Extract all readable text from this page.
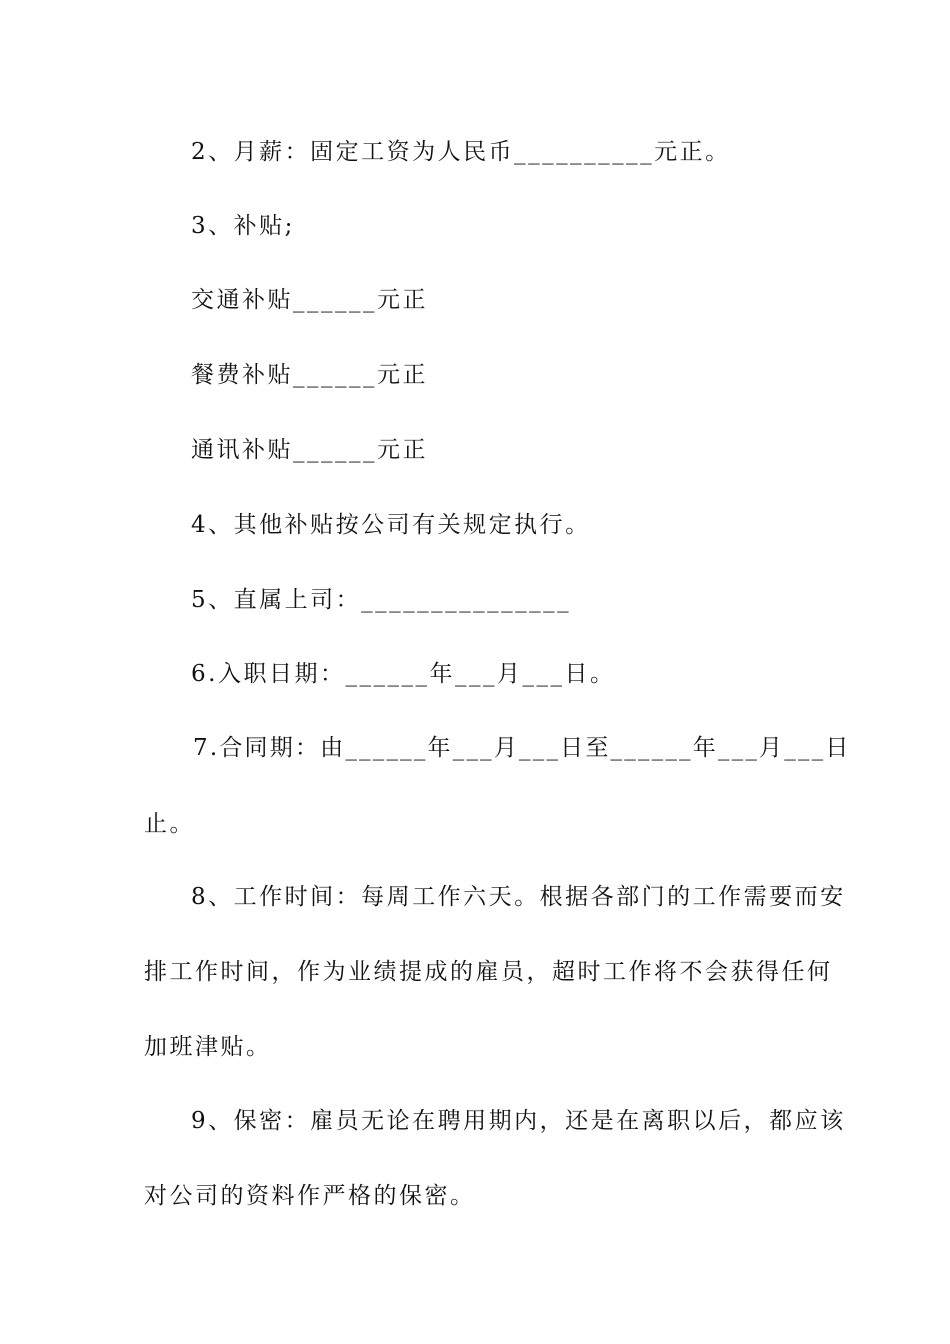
2、月薪：固定工资为人民币__________元正。
3、补贴;
交通补贴______元正
餐费补贴______元正
通讯补贴______元正
4、其他补贴按公司有关规定执行。
5、直属上司：_______________
6.入职日期：______年___月___日。
7.合同期：由______年___月___日至______年___月___日
止。
8、工作时间：每周工作六天。根据各部门的工作需要而安
排工作时间，作为业绩提成的雇员，超时工作将不会获得任何
加班津贴。
9、保密：雇员无论在聘用期内，还是在离职以后，都应该
对公司的资料作严格的保密。
